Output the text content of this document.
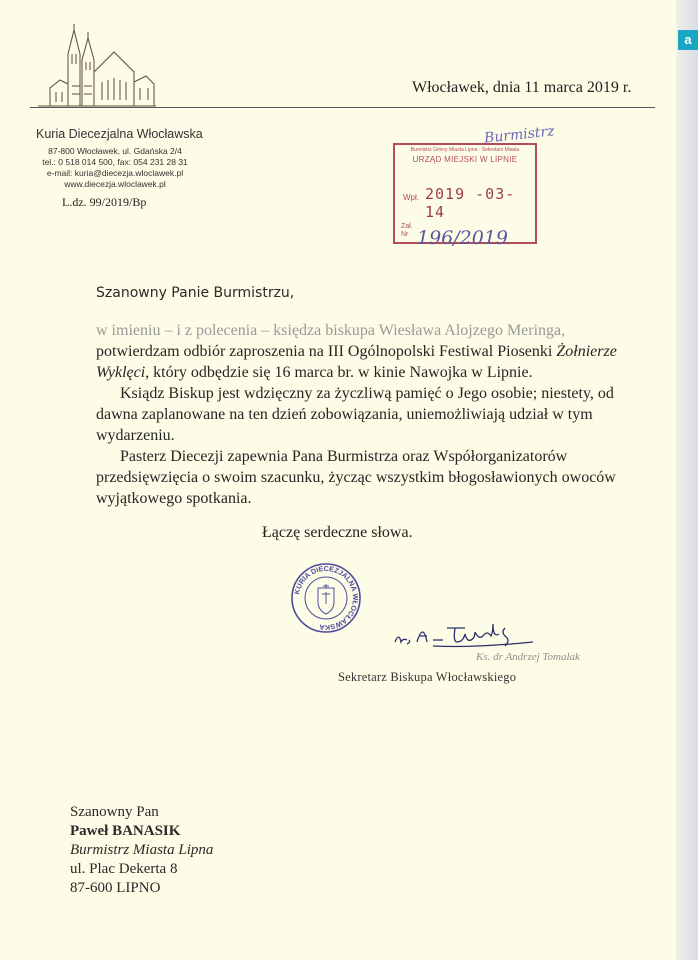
a
Włocławek, dnia 11 marca 2019 r.
Kuria Diecezjalna Włocławska
87-800 Włocławek, ul. Gdańska 2/4
tel.: 0 518 014 500, fax: 054 231 28 31
e-mail: kuria@diecezja.wloclawek.pl
www.diecezja.wloclawek.pl
L.dz. 99/2019/Bp
Burmistrz
Burmistrz Gminy Miasta Lipna · Sekretarz Miasta
URZĄD MIEJSKI W LIPNIE
Wpł. 2019 -03- 14
Zał.
Nr 196/2019
Szanowny Panie Burmistrzu,

w imieniu – i z polecenia – księdza biskupa Wiesława Alojzego Meringa, potwierdzam odbiór zaproszenia na III Ogólnopolski Festiwal Piosenki Żołnierze Wyklęci, który odbędzie się 16 marca br. w kinie Nawojka w Lipnie.

Ksiądz Biskup jest wdzięczny za życzliwą pamięć o Jego osobie; niestety, od dawna zaplanowane na ten dzień zobowiązania, uniemożliwiają udział w tym wydarzeniu.

Pasterz Diecezji zapewnia Pana Burmistrza oraz Współorganizatorów przedsięwzięcia o swoim szacunku, życząc wszystkim błogosławionych owoców wyjątkowego spotkania.

Łączę serdeczne słowa.
KURIA DIECEZJALNA WŁOCŁAWSKA
Ks. dr Andrzej Tomalak
Sekretarz Biskupa Włocławskiego
Szanowny Pan
Paweł BANASIK
Burmistrz Miasta Lipna
ul. Plac Dekerta 8
87-600 LIPNO
